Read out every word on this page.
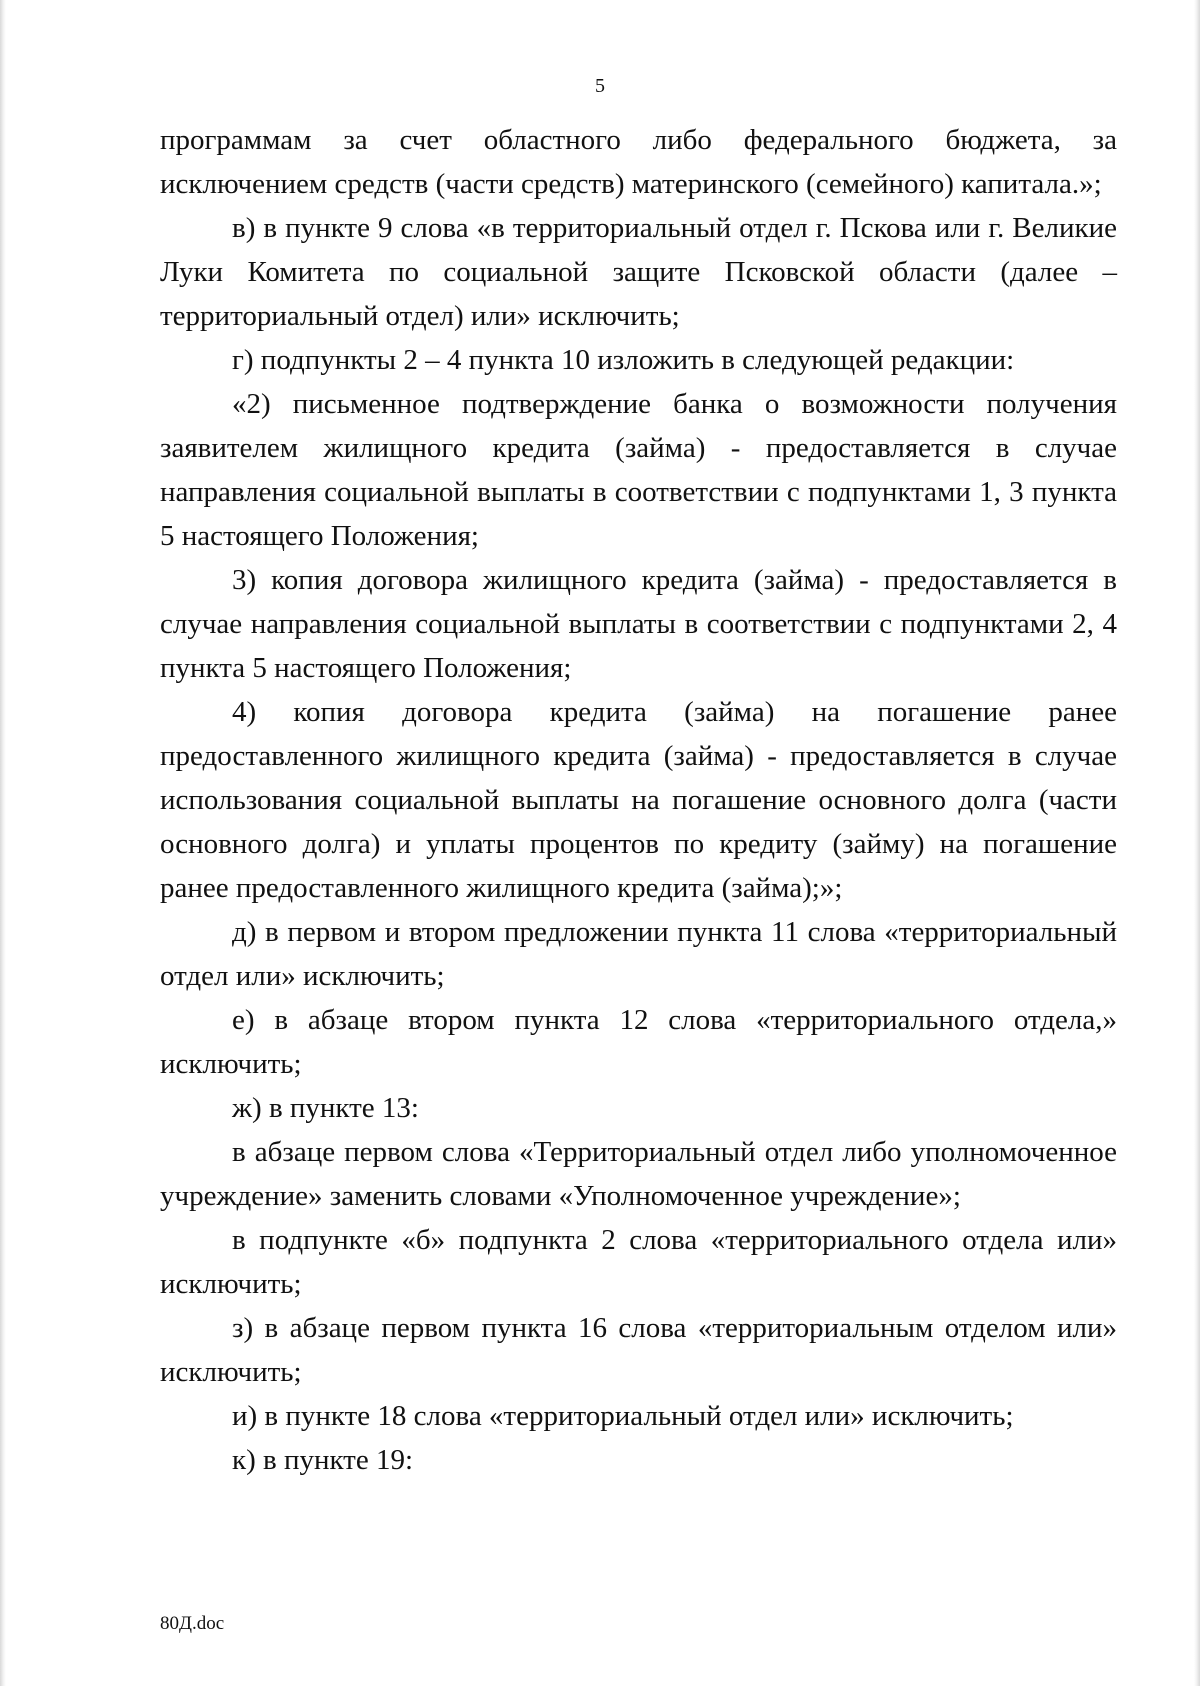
5

программам за счет областного либо федерального бюджета, за исключением средств (части средств) материнского (семейного) капитала.»;

в) в пункте 9 слова «в территориальный отдел г. Пскова или г. Великие Луки Комитета по социальной защите Псковской области (далее – территориальный отдел) или» исключить;

г) подпункты 2 – 4 пункта 10 изложить в следующей редакции:

«2) письменное подтверждение банка о возможности получения заявителем жилищного кредита (займа) - предоставляется в случае направления социальной выплаты в соответствии с подпунктами 1, 3 пункта 5 настоящего Положения;

3) копия договора жилищного кредита (займа) - предоставляется в случае направления социальной выплаты в соответствии с подпунктами 2, 4 пункта 5 настоящего Положения;

4) копия договора кредита (займа) на погашение ранее предоставленного жилищного кредита (займа) - предоставляется в случае использования социальной выплаты на погашение основного долга (части основного долга) и уплаты процентов по кредиту (займу) на погашение ранее предоставленного жилищного кредита (займа);»;

д) в первом и втором предложении пункта 11 слова «территориальный отдел или» исключить;

е) в абзаце втором пункта 12 слова «территориального отдела,» исключить;

ж) в пункте 13:

в абзаце первом слова «Территориальный отдел либо уполномоченное учреждение» заменить словами «Уполномоченное учреждение»;

в подпункте «б» подпункта 2 слова «территориального отдела или» исключить;

з) в абзаце первом пункта 16 слова «территориальным отделом или» исключить;

и) в пункте 18 слова «территориальный отдел или» исключить;

к) в пункте 19:

80Д.doc
